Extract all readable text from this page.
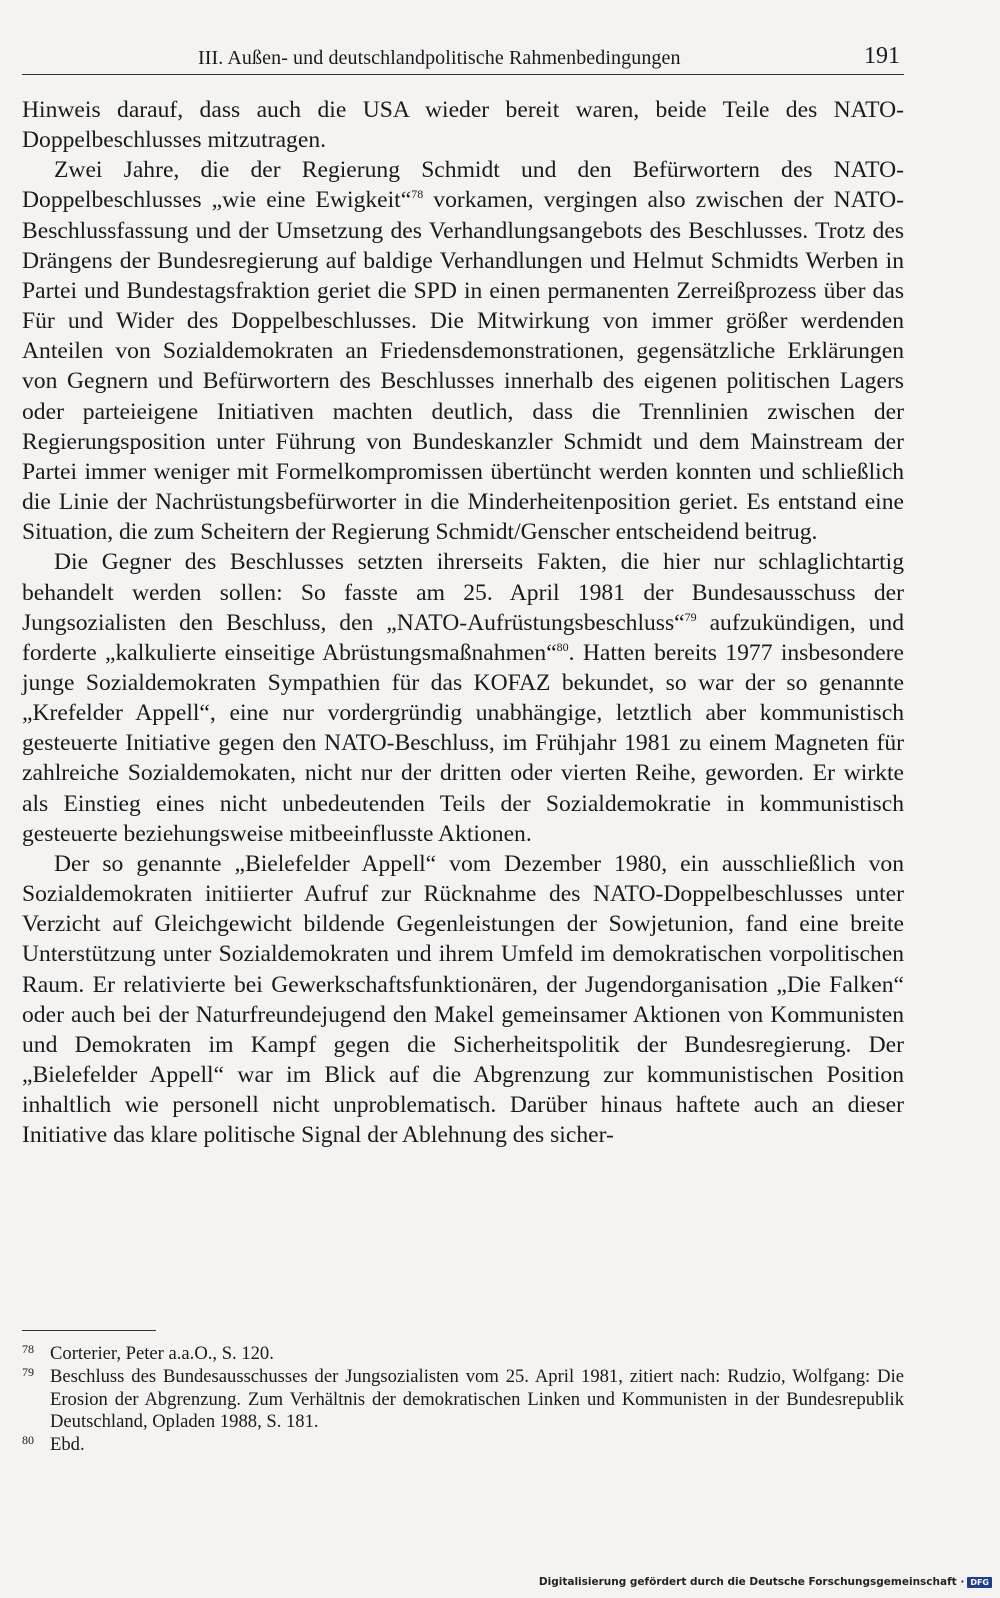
III. Außen- und deutschlandpolitische Rahmenbedingungen	191

Hinweis darauf, dass auch die USA wieder bereit waren, beide Teile des NATO-Doppelbeschlusses mitzutragen.

Zwei Jahre, die der Regierung Schmidt und den Befürwortern des NATO-Doppelbeschlusses „wie eine Ewigkeit“$^{78}$ vorkamen, vergingen also zwischen der NATO-Beschlussfassung und der Umsetzung des Verhandlungsangebots des Beschlusses. Trotz des Drängens der Bundesregierung auf baldige Verhandlungen und Helmut Schmidts Werben in Partei und Bundestagsfraktion geriet die SPD in einen permanenten Zerreißprozess über das Für und Wider des Doppelbeschlusses. Die Mitwirkung von immer größer werdenden Anteilen von Sozialdemokraten an Friedensdemonstrationen, gegensätzliche Erklärungen von Gegnern und Befürwortern des Beschlusses innerhalb des eigenen politischen Lagers oder parteieigene Initiativen machten deutlich, dass die Trennlinien zwischen der Regierungsposition unter Führung von Bundeskanzler Schmidt und dem Mainstream der Partei immer weniger mit Formelkompromissen übertüncht werden konnten und schließlich die Linie der Nachrüstungsbefürworter in die Minderheitenposition geriet. Es entstand eine Situation, die zum Scheitern der Regierung Schmidt/Genscher entscheidend beitrug.

Die Gegner des Beschlusses setzten ihrerseits Fakten, die hier nur schlaglichtartig behandelt werden sollen: So fasste am 25. April 1981 der Bundesausschuss der Jungsozialisten den Beschluss, den „NATO-Aufrüstungsbeschluss“$^{79}$ aufzukündigen, und forderte „kalkulierte einseitige Abrüstungsmaßnahmen“$^{80}$. Hatten bereits 1977 insbesondere junge Sozialdemokraten Sympathien für das KOFAZ bekundet, so war der so genannte „Krefelder Appell“, eine nur vordergründig unabhängige, letztlich aber kommunistisch gesteuerte Initiative gegen den NATO-Beschluss, im Frühjahr 1981 zu einem Magneten für zahlreiche Sozialdemokaten, nicht nur der dritten oder vierten Reihe, geworden. Er wirkte als Einstieg eines nicht unbedeutenden Teils der Sozialdemokratie in kommunistisch gesteuerte beziehungsweise mitbeeinflusste Aktionen.

Der so genannte „Bielefelder Appell“ vom Dezember 1980, ein ausschließlich von Sozialdemokraten initiierter Aufruf zur Rücknahme des NATO-Doppelbeschlusses unter Verzicht auf Gleichgewicht bildende Gegenleistungen der Sowjetunion, fand eine breite Unterstützung unter Sozialdemokraten und ihrem Umfeld im demokratischen vorpolitischen Raum. Er relativierte bei Gewerkschaftsfunktionären, der Jugendorganisation „Die Falken“ oder auch bei der Naturfreundejugend den Makel gemeinsamer Aktionen von Kommunisten und Demokraten im Kampf gegen die Sicherheitspolitik der Bundesregierung. Der „Bielefelder Appell“ war im Blick auf die Abgrenzung zur kommunistischen Position inhaltlich wie personell nicht unproblematisch. Darüber hinaus haftete auch an dieser Initiative das klare politische Signal der Ablehnung des sicher-

78 Corterier, Peter a.a.O., S. 120.
79 Beschluss des Bundesausschusses der Jungsozialisten vom 25. April 1981, zitiert nach: Rudzio, Wolfgang: Die Erosion der Abgrenzung. Zum Verhältnis der demokratischen Linken und Kommunisten in der Bundesrepublik Deutschland, Opladen 1988, S. 181.
80 Ebd.
Digitalisierung gefördert durch die Deutsche Forschungsgemeinschaft · DFG
